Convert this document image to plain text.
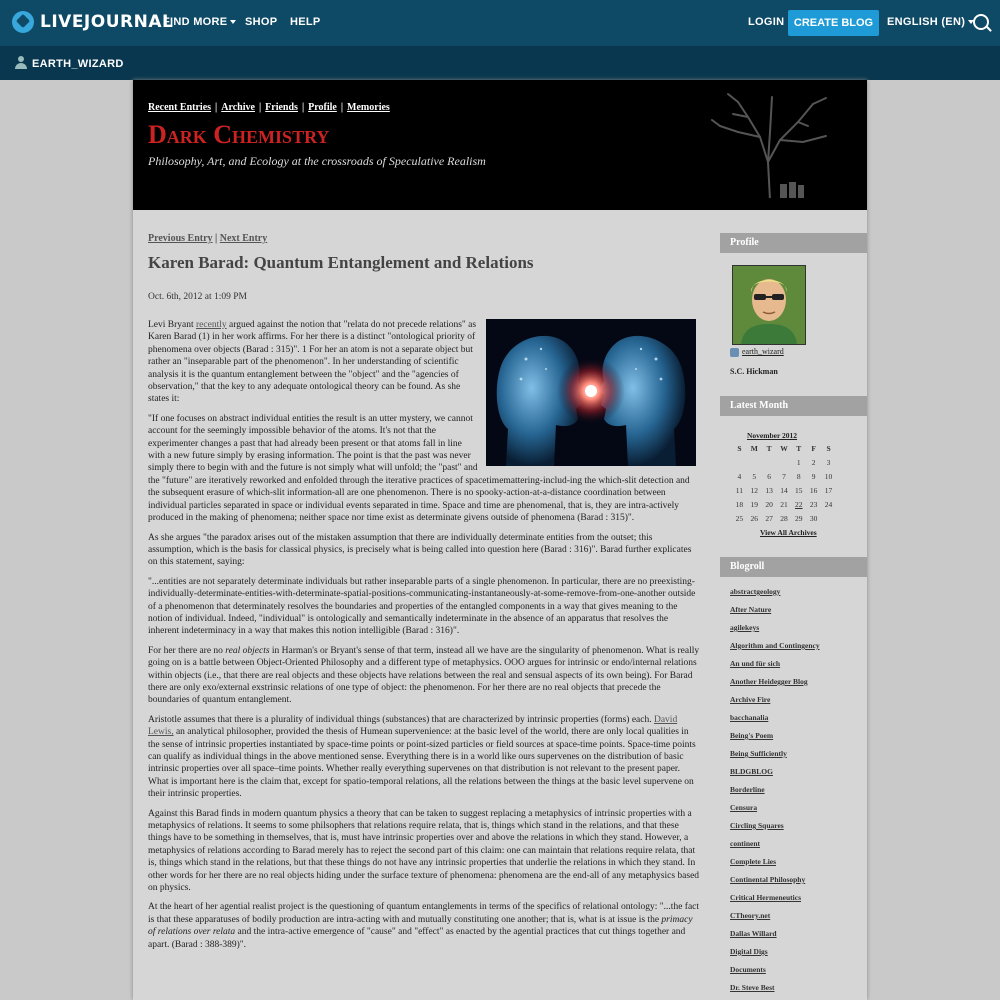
LIVEJOURNAL
FIND MORE	SHOP HELP	LOGIN CREATE BLOG	ENGLISH (EN)
EARTH_WIZARD
Recent Entries | Archive | Friends | Profile | Memories
Dark Chemistry
Philosophy, Art, and Ecology at the crossroads of Speculative Realism
Previous Entry | Next Entry
Karen Barad: Quantum Entanglement and Relations
Oct. 6th, 2012 at 1:09 PM

Levi Bryant recently argued against the notion that "relata do not precede relations" as Karen Barad (1) in her work affirms. For her there is a distinct "ontological priority of phenomena over objects (Barad : 315)". 1 For her an atom is not a separate object but rather an "inseparable part of the phenomenon". In her understanding of scientific analysis it is the quantum entanglement between the "object" and the "agencies of observation," that the key to any adequate ontological theory can be found. As she states it:

"If one focuses on abstract individual entities the result is an utter mystery, we cannot account for the seemingly impossible behavior of the atoms. It's not that the experimenter changes a past that had already been present or that atoms fall in line with a new future simply by erasing information. The point is that the past was never simply there to begin with and the future is not simply what will unfold; the "past" and the "future" are iteratively reworked and enfolded through the iterative practices of spacetimemattering-includ-ing the which-slit detection and the subsequent erasure of which-slit information-all are one phenomenon. There is no spooky-action-at-a-distance coordination between individual particles separated in space or individual events separated in time. Space and time are phenomenal, that is, they are intra-actively produced in the making of phenomena; neither space nor time exist as determinate givens outside of phenomena (Barad : 315)".

As she argues "the paradox arises out of the mistaken assumption that there are individually determinate entities from the outset; this assumption, which is the basis for classical physics, is precisely what is being called into question here (Barad : 316)". Barad further explicates on this statement, saying:

"...entities are not separately determinate individuals but rather inseparable parts of a single phenomenon. In particular, there are no preexisting-individually-determinate-entities-with-determinate-spatial-positions-communicating-instantaneously-at-some-remove-from-one-another outside of a phenomenon that determinately resolves the boundaries and properties of the entangled components in a way that gives meaning to the notion of individual. Indeed, "individual" is ontologically and semantically indeterminate in the absence of an apparatus that resolves the inherent indeterminacy in a way that makes this notion intelligible (Barad : 316)".

For her there are no real objects in Harman's or Bryant's sense of that term, instead all we have are the singularity of phenomenon. What is really going on is a battle between Object-Oriented Philosophy and a different type of metaphysics. OOO argues for intrinsic or endo/internal relations within objects (i.e., that there are real objects and these objects have relations between the real and sensual aspects of its own being). For Barad there are only exo/external exstrinsic relations of one type of object: the phenomenon. For her there are no real objects that precede the boundaries of quantum entanglement.

Aristotle assumes that there is a plurality of individual things (substances) that are characterized by intrinsic properties (forms) each. David Lewis, an analytical philosopher, provided the thesis of Humean supervenience: at the basic level of the world, there are only local qualities in the sense of intrinsic properties instantiated by space-time points or point-sized particles or field sources at space-time points. Space-time points can qualify as individual things in the above mentioned sense. Everything there is in a world like ours supervenes on the distribution of basic intrinsic properties over all space–time points. Whether really everything supervenes on that distribution is not relevant to the present paper. What is important here is the claim that, except for spatio-temporal relations, all the relations between the things at the basic level supervene on their intrinsic properties.

Against this Barad finds in modern quantum physics a theory that can be taken to suggest replacing a metaphysics of intrinsic properties with a metaphysics of relations. It seems to some philsophers that relations require relata, that is, things which stand in the relations, and that these things have to be something in themselves, that is, must have intrinsic properties over and above the relations in which they stand. However, a metaphysics of relations according to Barad merely has to reject the second part of this claim: one can maintain that relations require relata, that is, things which stand in the relations, but that these things do not have any intrinsic properties that underlie the relations in which they stand. In other words for her there are no real objects hiding under the surface texture of phenomena: phenomena are the end-all of any metaphysics based on physics.

At the heart of her agential realist project is the questioning of quantum entanglements in terms of the specifics of relational ontology: "...the fact is that these apparatuses of bodily production are intra-acting with and mutually constituting one another; that is, what is at issue is the primacy of relations over relata and the intra-active emergence of "cause" and "effect" as enacted by the agential practices that cut things together and apart. (Barad : 388-389)".

Profile
earth_wizard
S.C. Hickman
Latest Month
November 2012
S	M	T	W	T	F	S
				1	2	3
4	5	6	7	8	9	10
11	12	13	14	15	16	17
18	19	20	21	22	23	24
25	26	27	28	29	30	
View All Archives
Blogroll
abstractgeology
After Nature
agilekeys
Algorithm and Contingency
An und für sich
Another Heidegger Blog
Archive Fire
bacchanalia
Being's Poem
Being Sufficiently
BLDGBLOG
Borderline
Censura
Circling Squares
continent
Complete Lies
Continental Philosophy
Critical Hermeneutics
CTheory.net
Dallas Willard
Digital Digs
Documents
Dr. Steve Best
